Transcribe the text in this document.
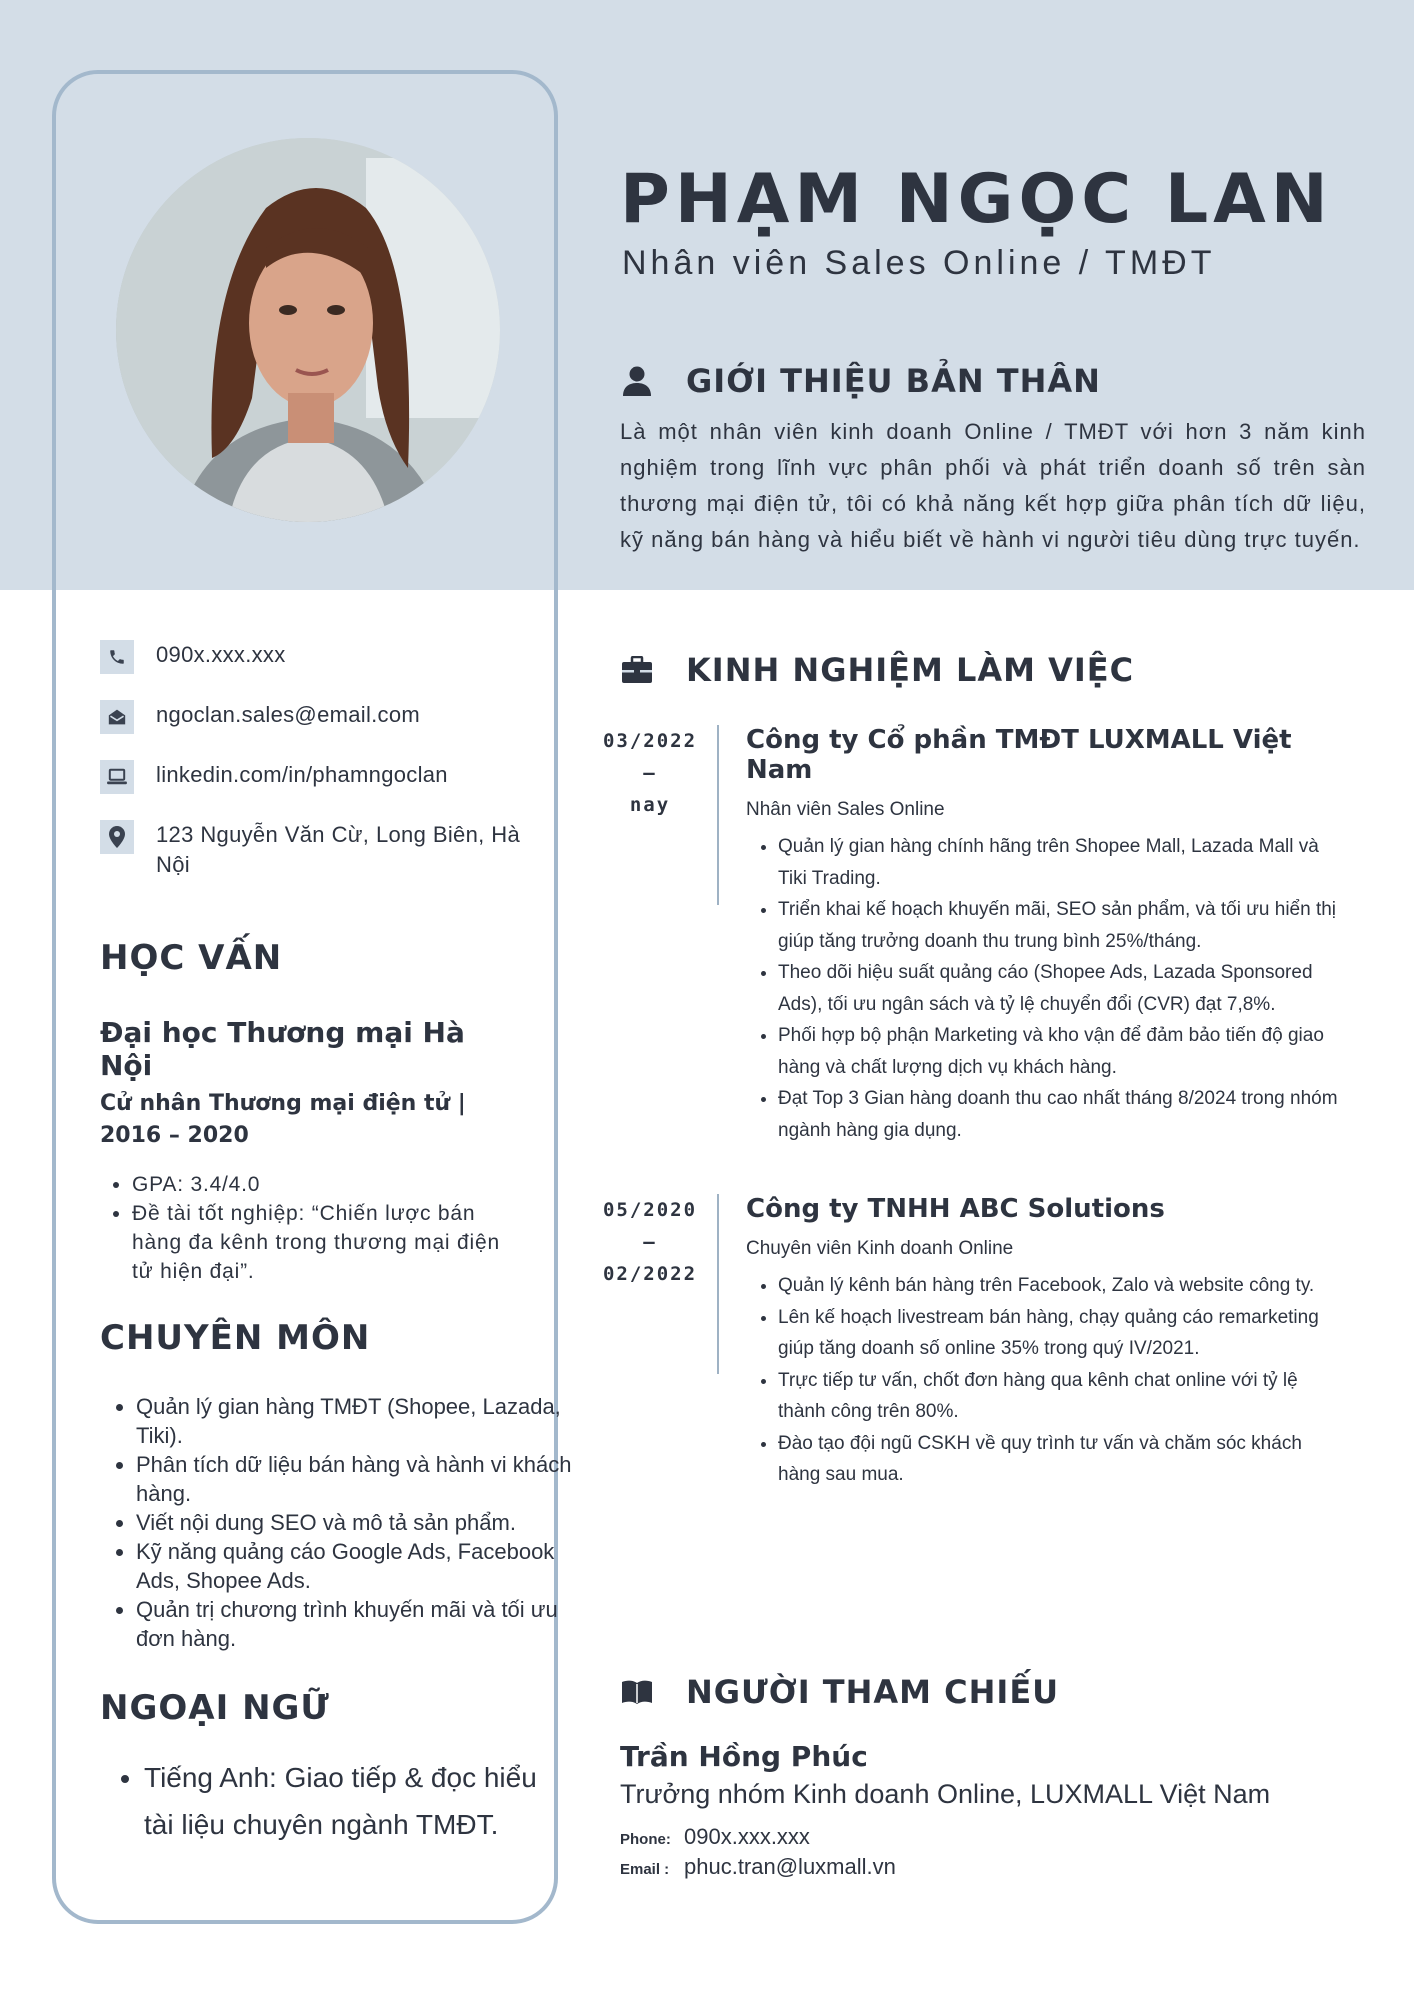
090x.xxx.xxx
ngoclan.sales@email.com
linkedin.com/in/phamngoclan
123 Nguyễn Văn Cừ, Long Biên, Hà Nội
HỌC VẤN

Đại học Thương mại Hà Nội

Cử nhân Thương mại điện tử | 2016 – 2020

• GPA: 3.4/4.0
• Đề tài tốt nghiệp: “Chiến lược bán hàng đa kênh trong thương mại điện tử hiện đại”.
CHUYÊN MÔN
• Quản lý gian hàng TMĐT (Shopee, Lazada, Tiki).
• Phân tích dữ liệu bán hàng và hành vi khách hàng.
• Viết nội dung SEO và mô tả sản phẩm.
• Kỹ năng quảng cáo Google Ads, Facebook Ads, Shopee Ads.
• Quản trị chương trình khuyến mãi và tối ưu đơn hàng.
NGOẠI NGỮ
• Tiếng Anh: Giao tiếp & đọc hiểu tài liệu chuyên ngành TMĐT.
PHẠM NGỌC LAN

Nhân viên Sales Online / TMĐT

GIỚI THIỆU BẢN THÂN

Là một nhân viên kinh doanh Online / TMĐT với hơn 3 năm kinh nghiệm trong lĩnh vực phân phối và phát triển doanh số trên sàn thương mại điện tử, tôi có khả năng kết hợp giữa phân tích dữ liệu, kỹ năng bán hàng và hiểu biết về hành vi người tiêu dùng trực tuyến.

KINH NGHIỆM LÀM VIỆC
03/2022
–
nay
Công ty Cổ phần TMĐT LUXMALL Việt Nam

Nhân viên Sales Online

• Quản lý gian hàng chính hãng trên Shopee Mall, Lazada Mall và Tiki Trading.
• Triển khai kế hoạch khuyến mãi, SEO sản phẩm, và tối ưu hiển thị giúp tăng trưởng doanh thu trung bình 25%/tháng.
• Theo dõi hiệu suất quảng cáo (Shopee Ads, Lazada Sponsored Ads), tối ưu ngân sách và tỷ lệ chuyển đổi (CVR) đạt 7,8%.
• Phối hợp bộ phận Marketing và kho vận để đảm bảo tiến độ giao hàng và chất lượng dịch vụ khách hàng.
• Đạt Top 3 Gian hàng doanh thu cao nhất tháng 8/2024 trong nhóm ngành hàng gia dụng.
05/2020
–
02/2022
Công ty TNHH ABC Solutions

Chuyên viên Kinh doanh Online

• Quản lý kênh bán hàng trên Facebook, Zalo và website công ty.
• Lên kế hoạch livestream bán hàng, chạy quảng cáo remarketing giúp tăng doanh số online 35% trong quý IV/2021.
• Trực tiếp tư vấn, chốt đơn hàng qua kênh chat online với tỷ lệ thành công trên 80%.
• Đào tạo đội ngũ CSKH về quy trình tư vấn và chăm sóc khách hàng sau mua.
NGƯỜI THAM CHIẾU

Trần Hồng Phúc

Trưởng nhóm Kinh doanh Online, LUXMALL Việt Nam

Phone: 090x.xxx.xxx
Email : phuc.tran@luxmall.vn
